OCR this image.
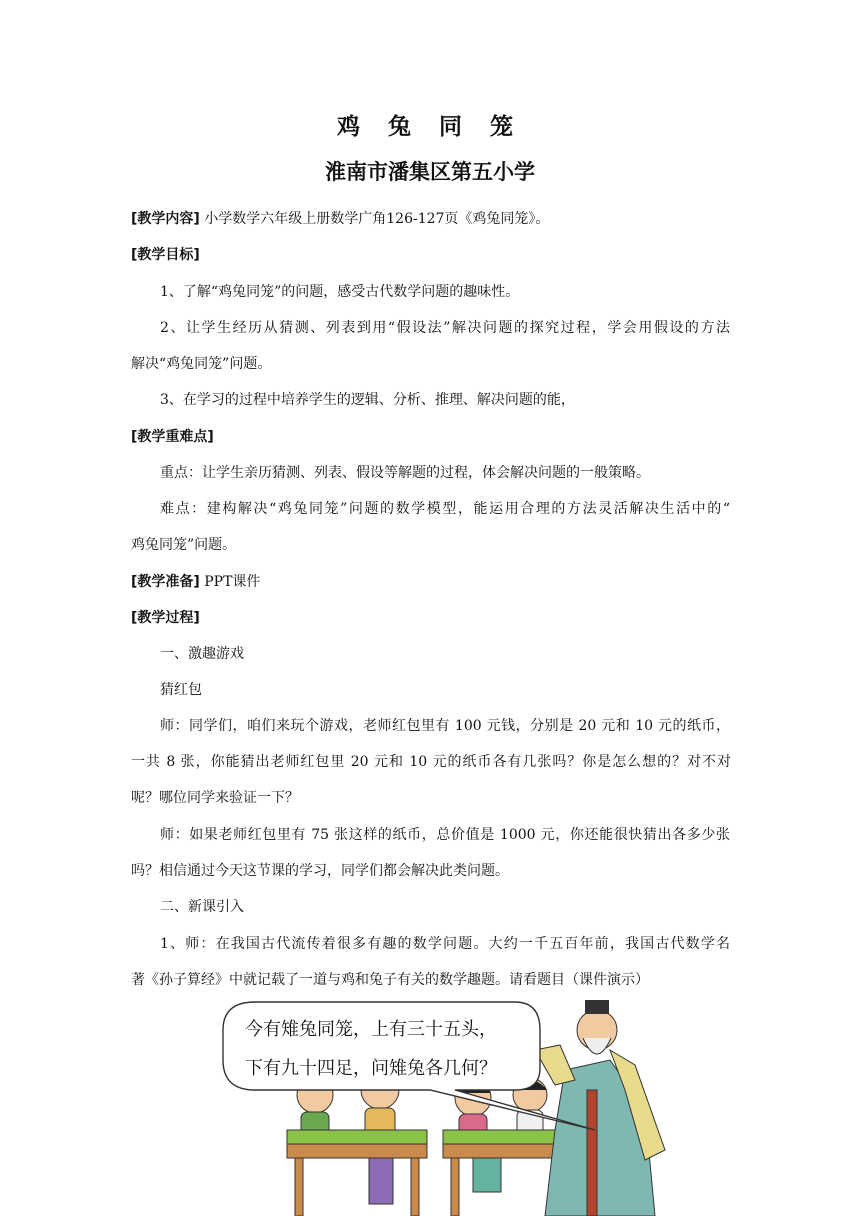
鸡 兔 同 笼
淮南市潘集区第五小学
[教学内容] 小学数学六年级上册数学广角126-127页《鸡兔同笼》。
[教学目标]
1、了解“鸡兔同笼”的问题，感受古代数学问题的趣味性。
2、让学生经历从猜测、列表到用“假设法”解决问题的探究过程，学会用假设的方法
解决“鸡兔同笼”问题。
3、在学习的过程中培养学生的逻辑、分析、推理、解决问题的能，
[教学重难点]
重点：让学生亲历猜测、列表、假设等解题的过程，体会解决问题的一般策略。
难点：建构解决“鸡兔同笼”问题的数学模型，能运用合理的方法灵活解决生活中的“
鸡兔同笼”问题。
[教学准备] PPT课件
[教学过程]
一、激趣游戏
猜红包
师：同学们，咱们来玩个游戏，老师红包里有 100 元钱，分别是 20 元和 10 元的纸币，
一共 8 张，你能猜出老师红包里 20 元和 10 元的纸币各有几张吗？你是怎么想的？对不对
呢？哪位同学来验证一下？
师：如果老师红包里有 75 张这样的纸币，总价值是 1000 元，你还能很快猜出各多少张
吗？相信通过今天这节课的学习，同学们都会解决此类问题。
二、新课引入
1、师：在我国古代流传着很多有趣的数学问题。大约一千五百年前，我国古代数学名
著《孙子算经》中就记载了一道与鸡和兔子有关的数学趣题。请看题目（课件演示）
今有雉兔同笼，上有三十五头，
下有九十四足，问雉兔各几何？
